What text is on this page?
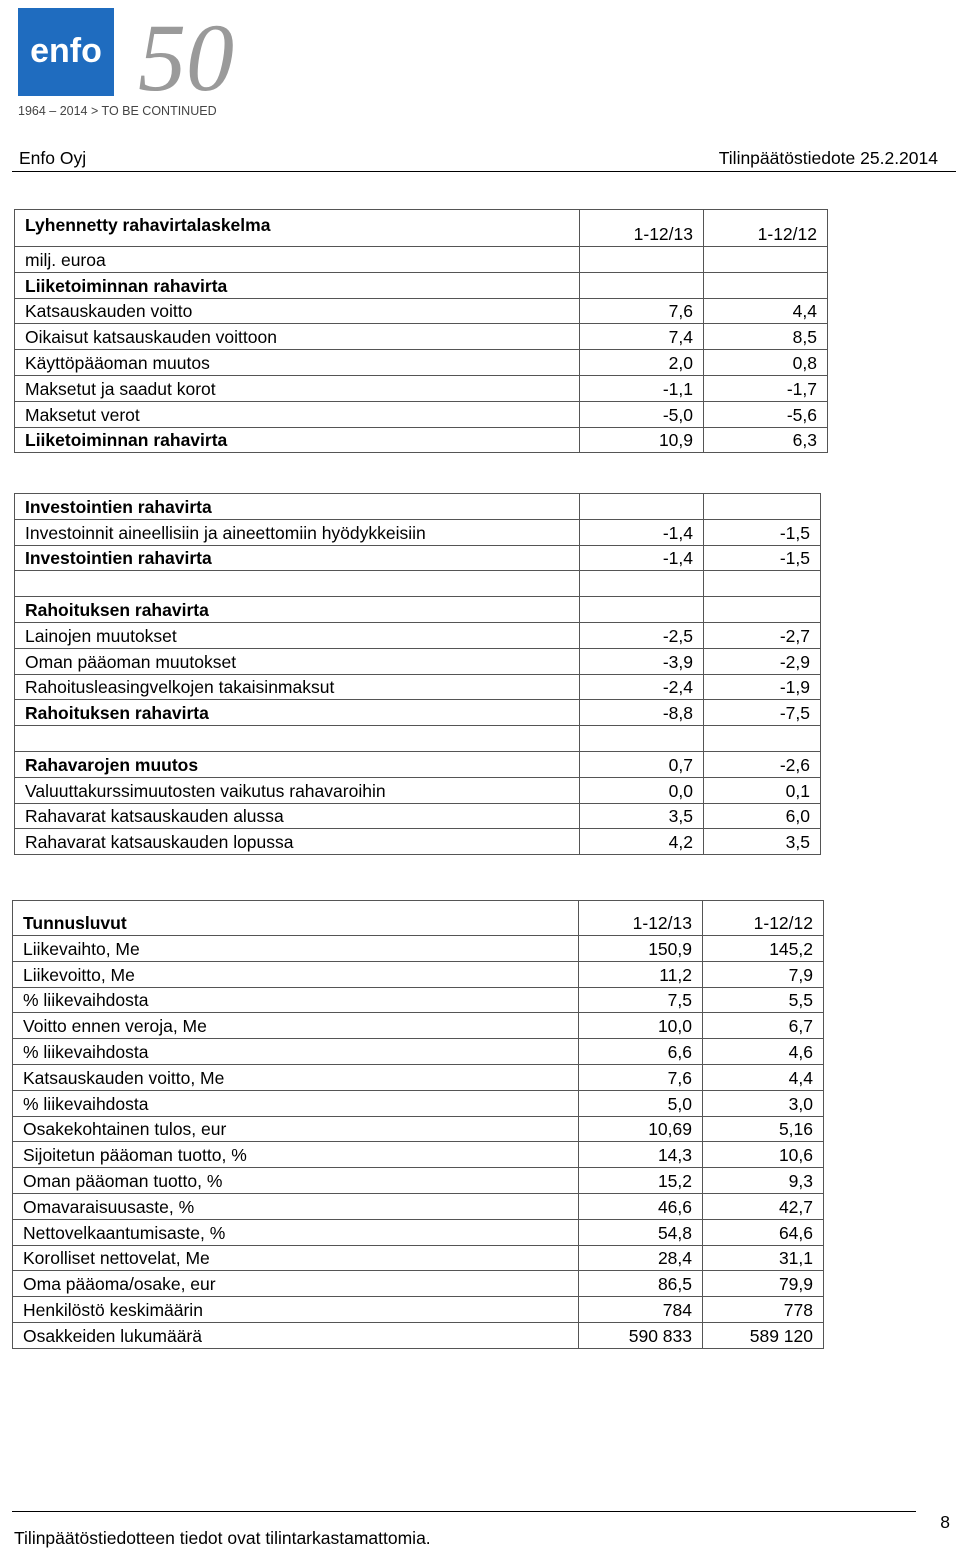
enfo 50
1964 – 2014 > TO BE CONTINUED
Enfo Oyj	Tilinpäätöstiedote 25.2.2014
Lyhennetty rahavirtalaskelma	1-12/13	1-12/12
milj. euroa		
Liiketoiminnan rahavirta		
Katsauskauden voitto	7,6	4,4
Oikaisut katsauskauden voittoon	7,4	8,5
Käyttöpääoman muutos	2,0	0,8
Maksetut ja saadut korot	-1,1	-1,7
Maksetut verot	-5,0	-5,6
Liiketoiminnan rahavirta	10,9	6,3
Investointien rahavirta		
Investoinnit aineellisiin ja aineettomiin hyödykkeisiin	-1,4	-1,5
Investointien rahavirta	-1,4	-1,5

Rahoituksen rahavirta		
Lainojen muutokset	-2,5	-2,7
Oman pääoman muutokset	-3,9	-2,9
Rahoitusleasingvelkojen takaisinmaksut	-2,4	-1,9
Rahoituksen rahavirta	-8,8	-7,5

Rahavarojen muutos	0,7	-2,6
Valuuttakurssimuutosten vaikutus rahavaroihin	0,0	0,1
Rahavarat katsauskauden alussa	3,5	6,0
Rahavarat katsauskauden lopussa	4,2	3,5
Tunnusluvut	1-12/13	1-12/12
Liikevaihto, Me	150,9	145,2
Liikevoitto, Me	11,2	7,9
% liikevaihdosta	7,5	5,5
Voitto ennen veroja, Me	10,0	6,7
% liikevaihdosta	6,6	4,6
Katsauskauden voitto, Me	7,6	4,4
% liikevaihdosta	5,0	3,0
Osakekohtainen tulos, eur	10,69	5,16
Sijoitetun pääoman tuotto, %	14,3	10,6
Oman pääoman tuotto, %	15,2	9,3
Omavaraisuusaste, %	46,6	42,7
Nettovelkaantumisaste, %	54,8	64,6
Korolliset nettovelat, Me	28,4	31,1
Oma pääoma/osake, eur	86,5	79,9
Henkilöstö keskimäärin	784	778
Osakkeiden lukumäärä	590 833	589 120
Tilinpäätöstiedotteen tiedot ovat tilintarkastamattomia.
8
